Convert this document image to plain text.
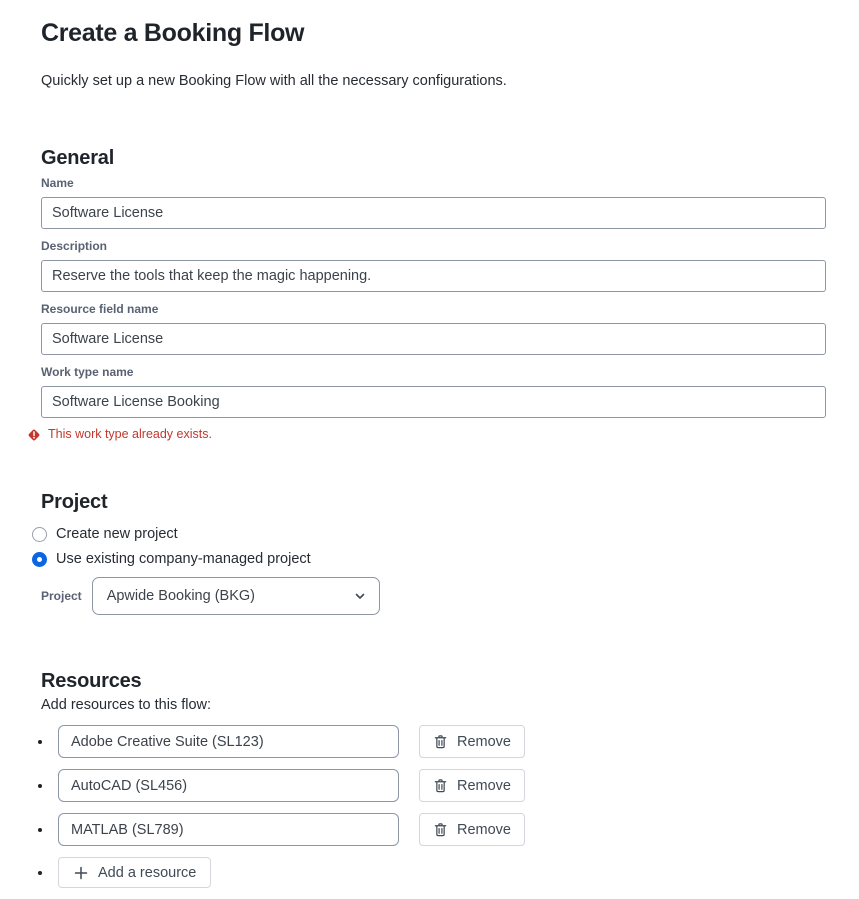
Create a Booking Flow

Quickly set up a new Booking Flow with all the necessary configurations.

General
Name
Software License
Description
Reserve the tools that keep the magic happening.
Resource field name
Software License
Work type name
Software License Booking
This work type already exists.
Project
Create new project
Use existing company-managed project
Project Apwide Booking (BKG)
Resources

Add resources to this flow:

Adobe Creative Suite (SL123)
Remove
AutoCAD (SL456)
Remove
MATLAB (SL789)
Remove
Add a resource
